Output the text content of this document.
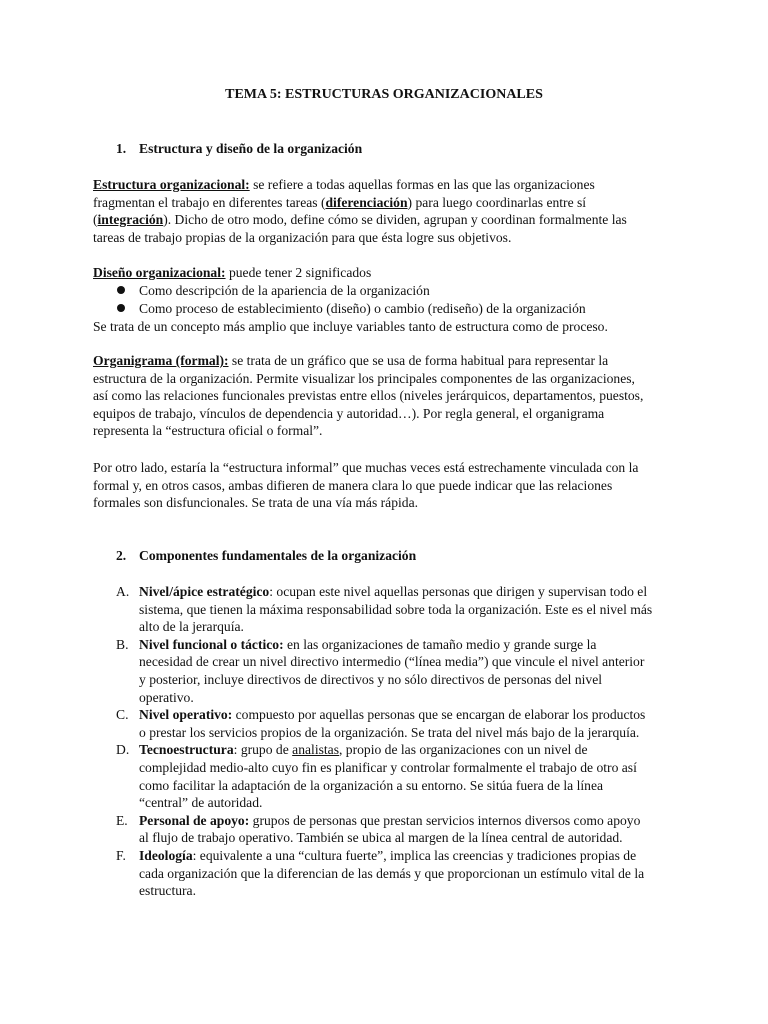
TEMA 5: ESTRUCTURAS ORGANIZACIONALES
1. Estructura y diseño de la organización
Estructura organizacional: se refiere a todas aquellas formas en las que las organizaciones
fragmentan el trabajo en diferentes tareas (diferenciación) para luego coordinarlas entre sí
(integración). Dicho de otro modo, define cómo se dividen, agrupan y coordinan formalmente las
tareas de trabajo propias de la organización para que ésta logre sus objetivos.
Diseño organizacional: puede tener 2 significados
Como descripción de la apariencia de la organización
Como proceso de establecimiento (diseño) o cambio (rediseño) de la organización
Se trata de un concepto más amplio que incluye variables tanto de estructura como de proceso.
Organigrama (formal): se trata de un gráfico que se usa de forma habitual para representar la
estructura de la organización. Permite visualizar los principales componentes de las organizaciones,
así como las relaciones funcionales previstas entre ellos (niveles jerárquicos, departamentos, puestos,
equipos de trabajo, vínculos de dependencia y autoridad…). Por regla general, el organigrama
representa la “estructura oficial o formal”.
Por otro lado, estaría la “estructura informal” que muchas veces está estrechamente vinculada con la
formal y, en otros casos, ambas difieren de manera clara lo que puede indicar que las relaciones
formales son disfuncionales. Se trata de una vía más rápida.
2. Componentes fundamentales de la organización
A. Nivel/ápice estratégico: ocupan este nivel aquellas personas que dirigen y supervisan todo el
sistema, que tienen la máxima responsabilidad sobre toda la organización. Este es el nivel más
alto de la jerarquía.
B. Nivel funcional o táctico: en las organizaciones de tamaño medio y grande surge la
necesidad de crear un nivel directivo intermedio (“línea media”) que vincule el nivel anterior
y posterior, incluye directivos de directivos y no sólo directivos de personas del nivel
operativo.
C. Nivel operativo: compuesto por aquellas personas que se encargan de elaborar los productos
o prestar los servicios propios de la organización. Se trata del nivel más bajo de la jerarquía.
D. Tecnoestructura: grupo de analistas, propio de las organizaciones con un nivel de
complejidad medio-alto cuyo fin es planificar y controlar formalmente el trabajo de otro así
como facilitar la adaptación de la organización a su entorno. Se sitúa fuera de la línea
“central” de autoridad.
E. Personal de apoyo: grupos de personas que prestan servicios internos diversos como apoyo
al flujo de trabajo operativo. También se ubica al margen de la línea central de autoridad.
F. Ideología: equivalente a una “cultura fuerte”, implica las creencias y tradiciones propias de
cada organización que la diferencian de las demás y que proporcionan un estímulo vital de la
estructura.
